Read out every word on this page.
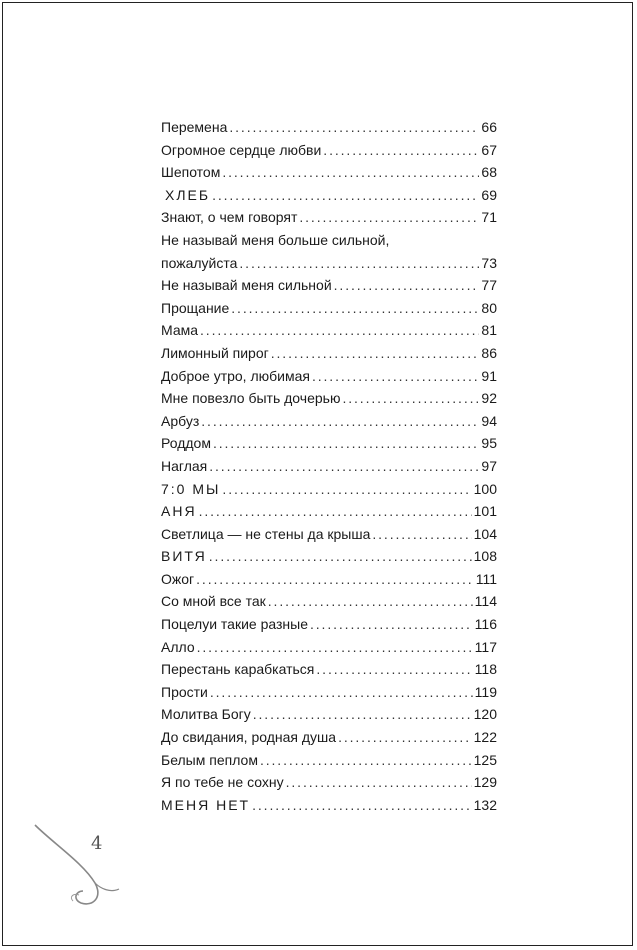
Перемена . . .	66
Огромное сердце любви . . .	67
Шепотом . . .	68
ХЛЕБ . . .	69
Знают, о чем говорят . . .	71
Не называй меня больше сильной,
пожалуйста . . .	73
Не называй меня сильной . . .	77
Прощание . . .	80
Мама . . .	81
Лимонный пирог . . .	86
Доброе утро, любимая . . .	91
Мне повезло быть дочерью . . .	92
Арбуз . . .	94
Роддом . . .	95
Наглая . . .	97
7:0 МЫ . . .	100
АНЯ . . .	101
Светлица — не стены да крыша . . .	104
ВИТЯ . . .	108
Ожог . . .	111
Со мной все так . . .	114
Поцелуи такие разные . . .	116
Алло . . .	117
Перестань карабкаться . . .	118
Прости . . .	119
Молитва Богу . . .	120
До свидания, родная душа . . .	122
Белым пеплом . . .	125
Я по тебе не сохну . . .	129
МЕНЯ НЕТ . . .	132
4
